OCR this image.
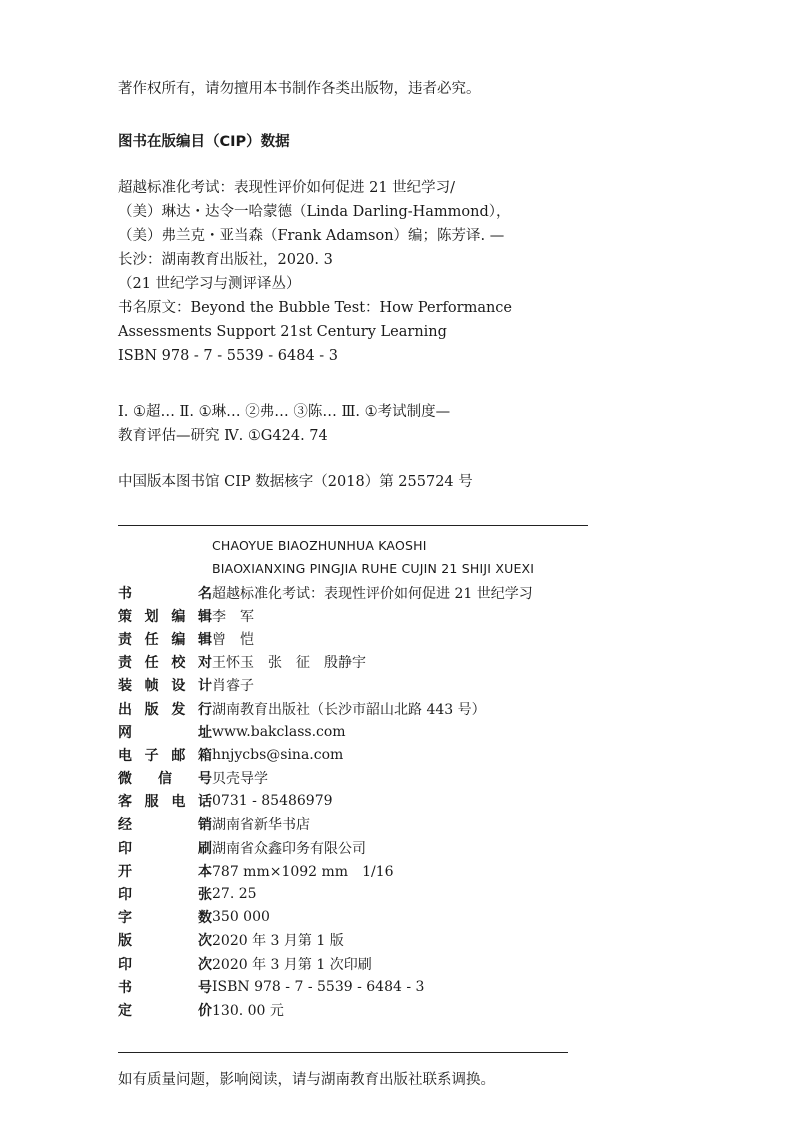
著作权所有，请勿擅用本书制作各类出版物，违者必究。
图书在版编目（CIP）数据
超越标准化考试：表现性评价如何促进 21 世纪学习/
（美）琳达・达令一哈蒙德（Linda Darling-Hammond），
（美）弗兰克・亚当森（Frank Adamson）编；陈芳译. —
长沙：湖南教育出版社，2020. 3
（21 世纪学习与测评译丛）
书名原文：Beyond the Bubble Test：How Performance
Assessments Support 21st Century Learning
ISBN 978 - 7 - 5539 - 6484 - 3
Ⅰ. ①超… Ⅱ. ①琳… ②弗… ③陈… Ⅲ. ①考试制度—
教育评估—研究 Ⅳ. ①G424. 74
中国版本图书馆 CIP 数据核字（2018）第 255724 号
CHAOYUE BIAOZHUNHUA KAOSHI
BIAOXIANXING PINGJIA RUHE CUJIN 21 SHIJI XUEXI
书	名 超越标准化考试：表现性评价如何促进 21 世纪学习
策 划 编 辑 李　军
责 任 编 辑 曾　恺
责 任 校 对 王怀玉　张　征　殷静宇
装 帧 设 计 肖睿子
出 版 发 行 湖南教育出版社（长沙市韶山北路 443 号）
网	址 www.bakclass.com
电 子 邮 箱 hnjycbs@sina.com
微 信 号 贝壳导学
客 服 电 话 0731 - 85486979
经	销 湖南省新华书店
印	刷 湖南省众鑫印务有限公司
开	本 787 mm×1092 mm　1/16
印	张 27. 25
字	数 350 000
版	次 2020 年 3 月第 1 版
印	次 2020 年 3 月第 1 次印刷
书	号 ISBN 978 - 7 - 5539 - 6484 - 3
定	价 130. 00 元
如有质量问题，影响阅读，请与湖南教育出版社联系调换。
